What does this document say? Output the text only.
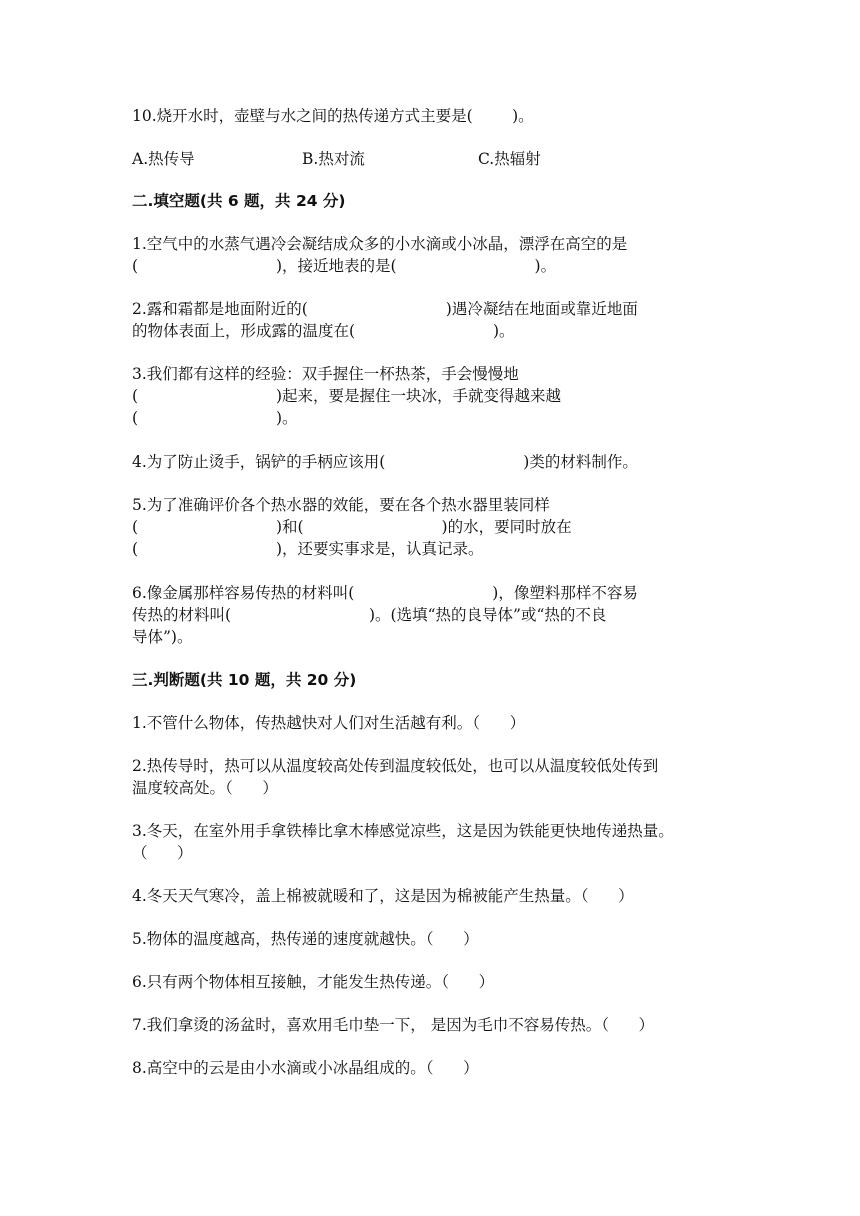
10.烧开水时，壶壁与水之间的热传递方式主要是(        )。
A.热传导	B.热对流	C.热辐射
二.填空题(共 6 题，共 24 分)
1.空气中的水蒸气遇冷会凝结成众多的小水滴或小冰晶，漂浮在高空的是
(                            )，接近地表的是(                            )。
2.露和霜都是地面附近的(                            )遇冷凝结在地面或靠近地面
的物体表面上，形成露的温度在(                            )。
3.我们都有这样的经验：双手握住一杯热茶，手会慢慢地
(                            )起来，要是握住一块冰，手就变得越来越
(                            )。
4.为了防止烫手，锅铲的手柄应该用(                            )类的材料制作。
5.为了准确评价各个热水器的效能，要在各个热水器里装同样
(                            )和(                            )的水，要同时放在
(                            )，还要实事求是，认真记录。
6.像金属那样容易传热的材料叫(                            )，像塑料那样不容易
传热的材料叫(                            )。(选填“热的良导体”或“热的不良
导体”)。
三.判断题(共 10 题，共 20 分)
1.不管什么物体，传热越快对人们对生活越有利。（      ）
2.热传导时，热可以从温度较高处传到温度较低处，也可以从温度较低处传到
温度较高处。（      ）
3.冬天，在室外用手拿铁棒比拿木棒感觉凉些，这是因为铁能更快地传递热量。
（      ）
4.冬天天气寒冷，盖上棉被就暖和了，这是因为棉被能产生热量。（      ）
5.物体的温度越高，热传递的速度就越快。（      ）
6.只有两个物体相互接触，才能发生热传递。（      ）
7.我们拿烫的汤盆时，喜欢用毛巾垫一下， 是因为毛巾不容易传热。（      ）
8.高空中的云是由小水滴或小冰晶组成的。（      ）
